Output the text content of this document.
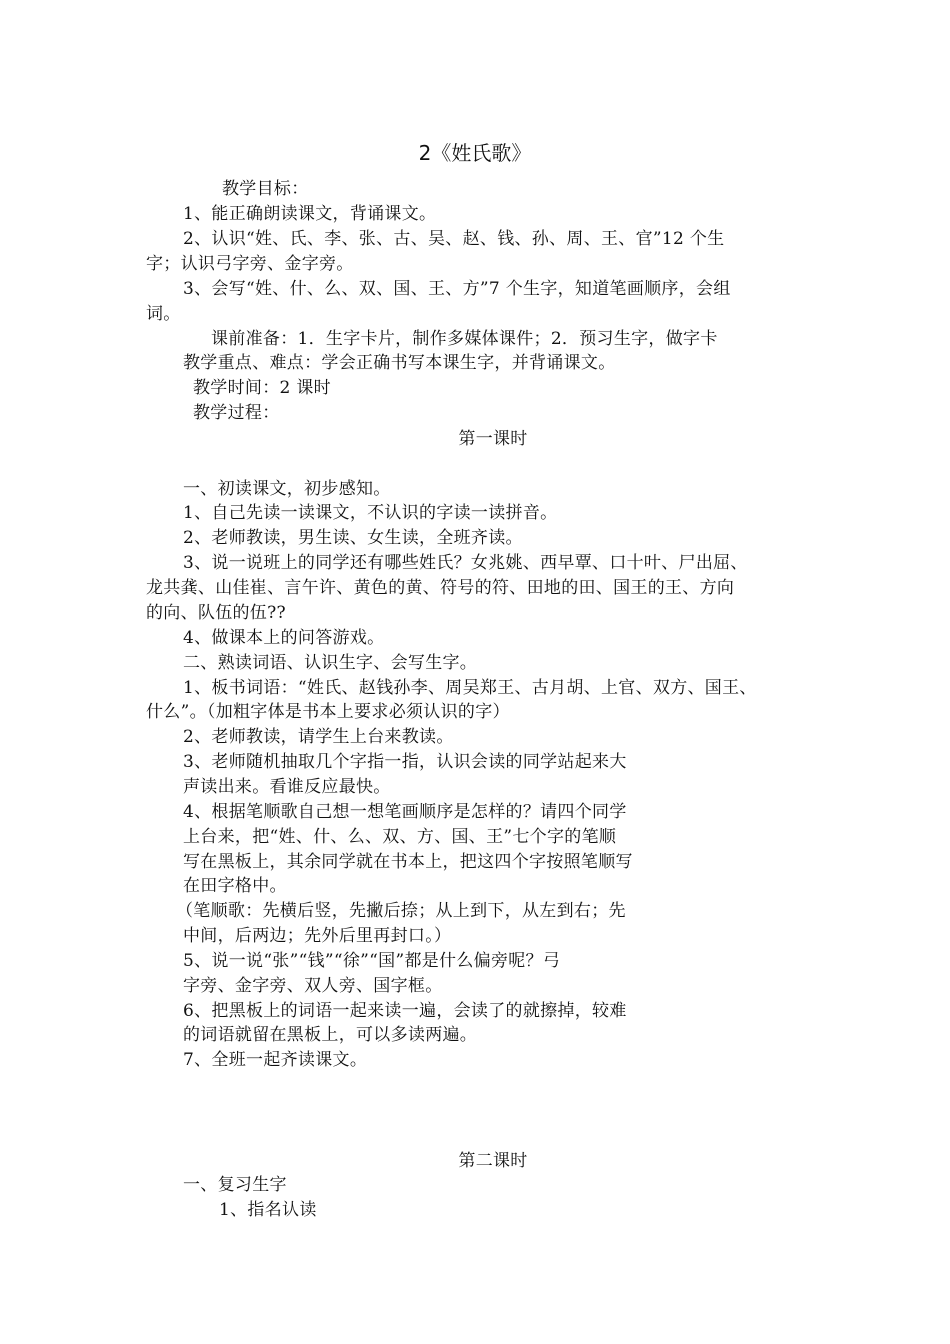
2《姓氏歌》
教学目标：
1、能正确朗读课文，背诵课文。
2、认识“姓、氏、李、张、古、吴、赵、钱、孙、周、王、官”12 个生
字；认识弓字旁、金字旁。
3、会写“姓、什、么、双、国、王、方”7 个生字，知道笔画顺序，会组
词。
课前准备：1．生字卡片，制作多媒体课件；2．预习生字，做字卡
教学重点、难点：学会正确书写本课生字，并背诵课文。
教学时间：2 课时
教学过程：
第一课时
一、初读课文，初步感知。
1、自己先读一读课文，不认识的字读一读拼音。
2、老师教读，男生读、女生读，全班齐读。
3、说一说班上的同学还有哪些姓氏？女兆姚、西早覃、口十叶、尸出屈、
龙共龚、山佳崔、言午许、黄色的黄、符号的符、田地的田、国王的王、方向
的向、队伍的伍??
4、做课本上的问答游戏。
二、熟读词语、认识生字、会写生字。
1、板书词语：“姓氏、赵钱孙李、周吴郑王、古月胡、上官、双方、国王、
什么”。（加粗字体是书本上要求必须认识的字）
2、老师教读，请学生上台来教读。
3、老师随机抽取几个字指一指，认识会读的同学站起来大
声读出来。看谁反应最快。
4、根据笔顺歌自己想一想笔画顺序是怎样的？请四个同学
上台来，把“姓、什、么、双、方、国、王”七个字的笔顺
写在黑板上，其余同学就在书本上，把这四个字按照笔顺写
在田字格中。
（笔顺歌：先横后竖，先撇后捺；从上到下，从左到右；先
中间，后两边；先外后里再封口。）
5、说一说“张”“钱”“徐”“国”都是什么偏旁呢？弓
字旁、金字旁、双人旁、国字框。
6、把黑板上的词语一起来读一遍，会读了的就擦掉，较难
的词语就留在黑板上，可以多读两遍。
7、全班一起齐读课文。
第二课时
一、复习生字
1、指名认读
